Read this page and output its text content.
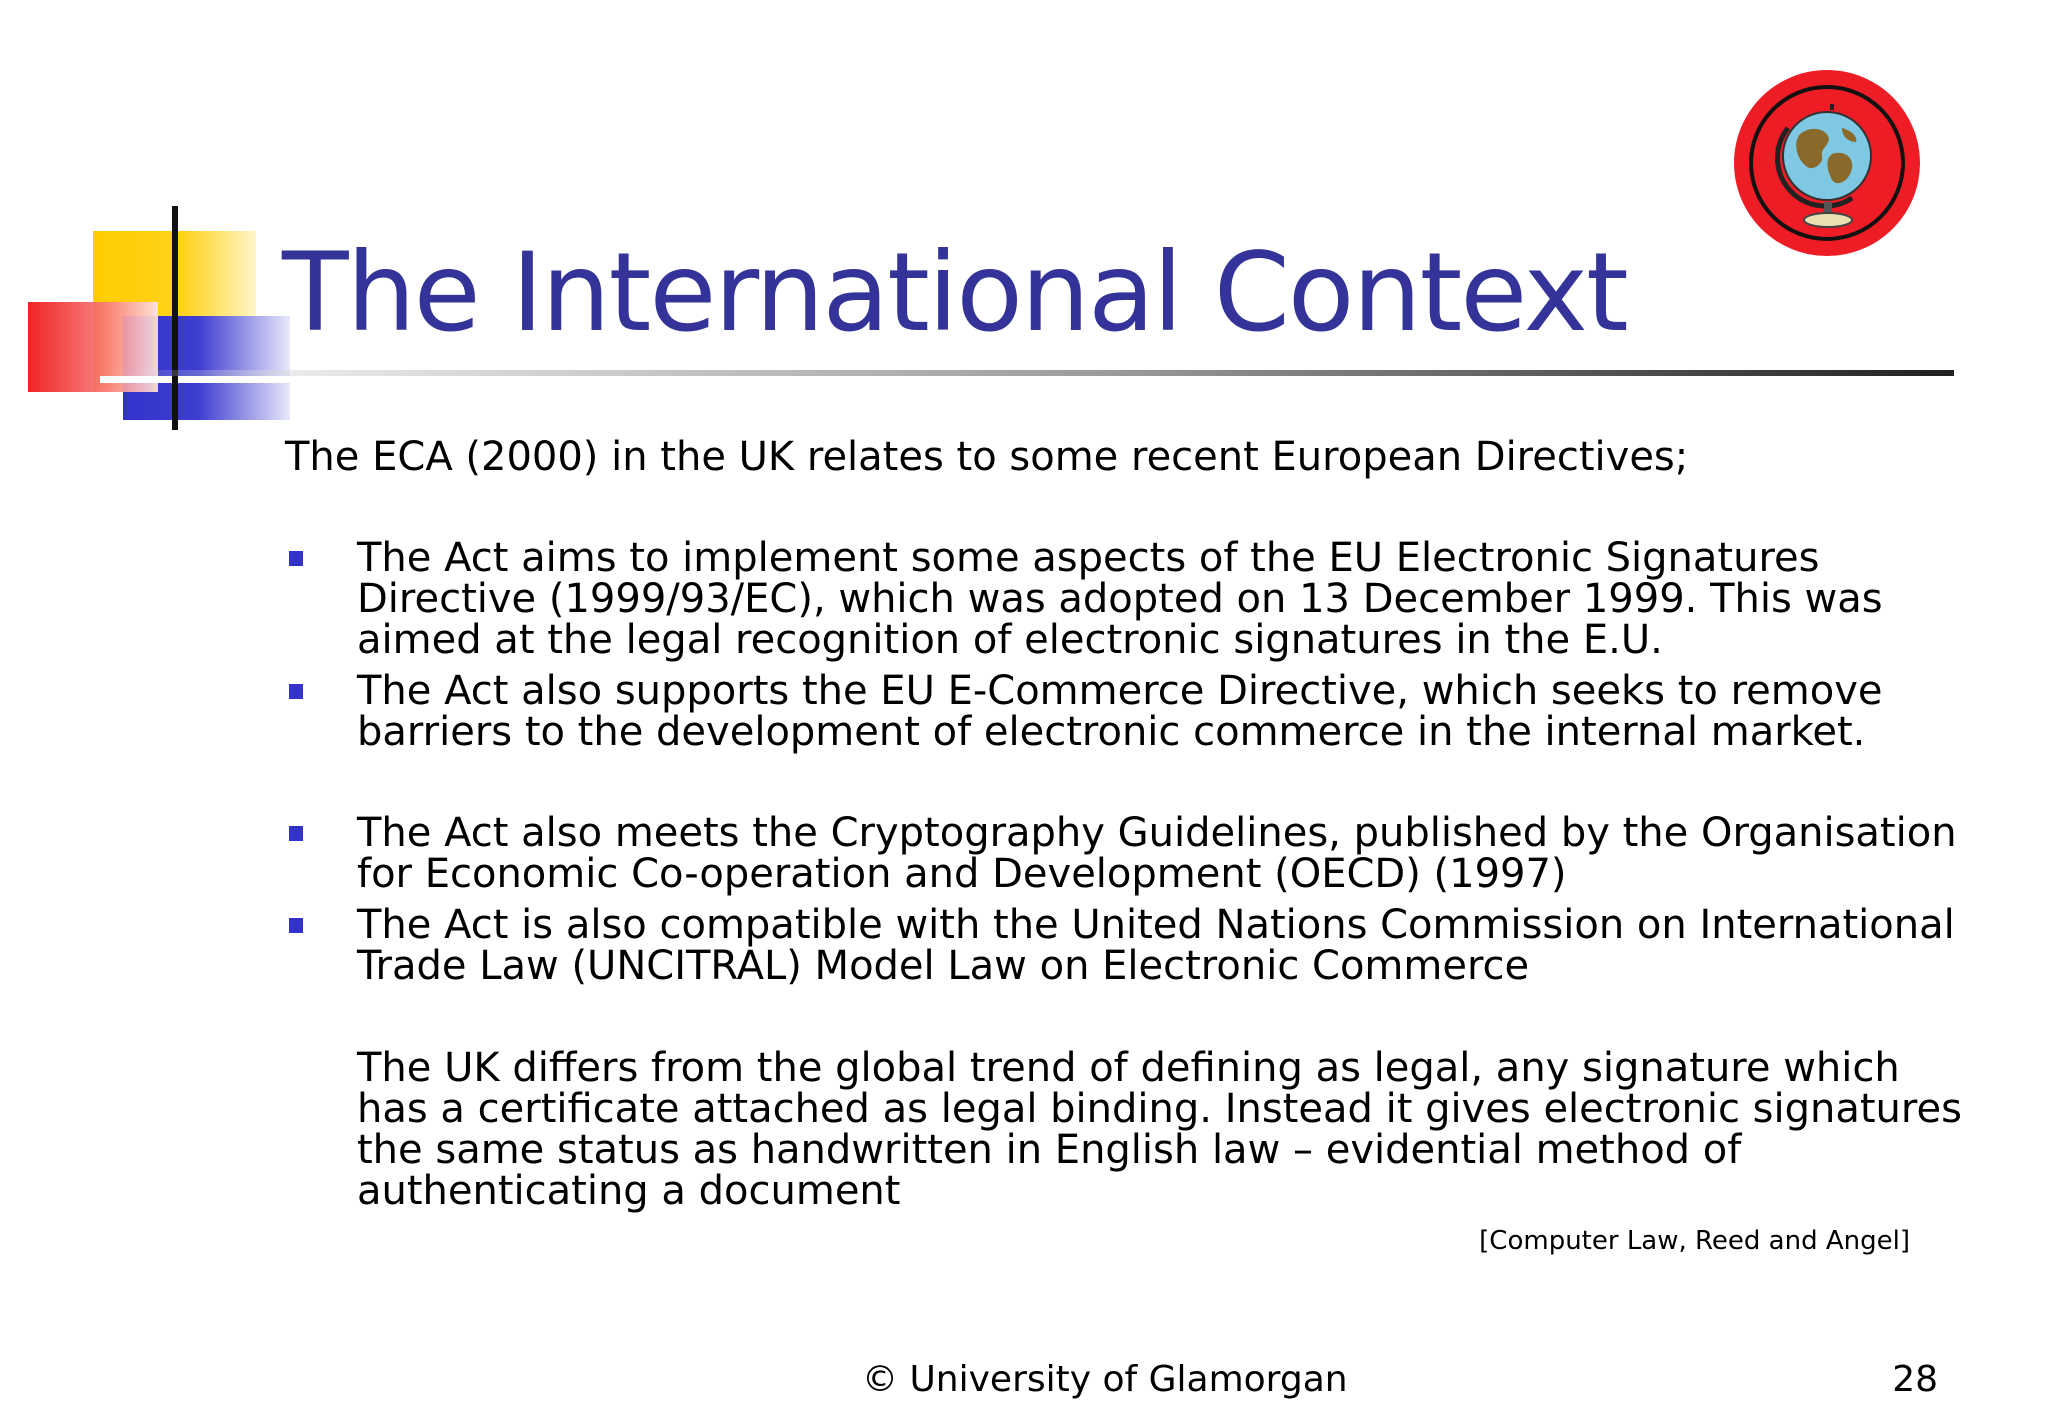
The International Context
The ECA (2000) in the UK relates to some recent European Directives;
The Act aims to implement some aspects of the EU Electronic Signatures Directive (1999/93/EC), which was adopted on 13 December 1999. This was aimed at the legal recognition of electronic signatures in the E.U.
The Act also supports the EU E-Commerce Directive, which seeks to remove barriers to the development of electronic commerce in the internal market.
The Act also meets the Cryptography Guidelines, published by the Organisation for Economic Co-operation and Development (OECD) (1997)
The Act is also compatible with the United Nations Commission on International Trade Law (UNCITRAL) Model Law on Electronic Commerce
The UK differs from the global trend of defining as legal, any signature which has a certificate attached as legal binding. Instead it gives electronic signatures the same status as handwritten in English law – evidential method of authenticating a document
[Computer Law, Reed and Angel]
© University of Glamorgan	28
